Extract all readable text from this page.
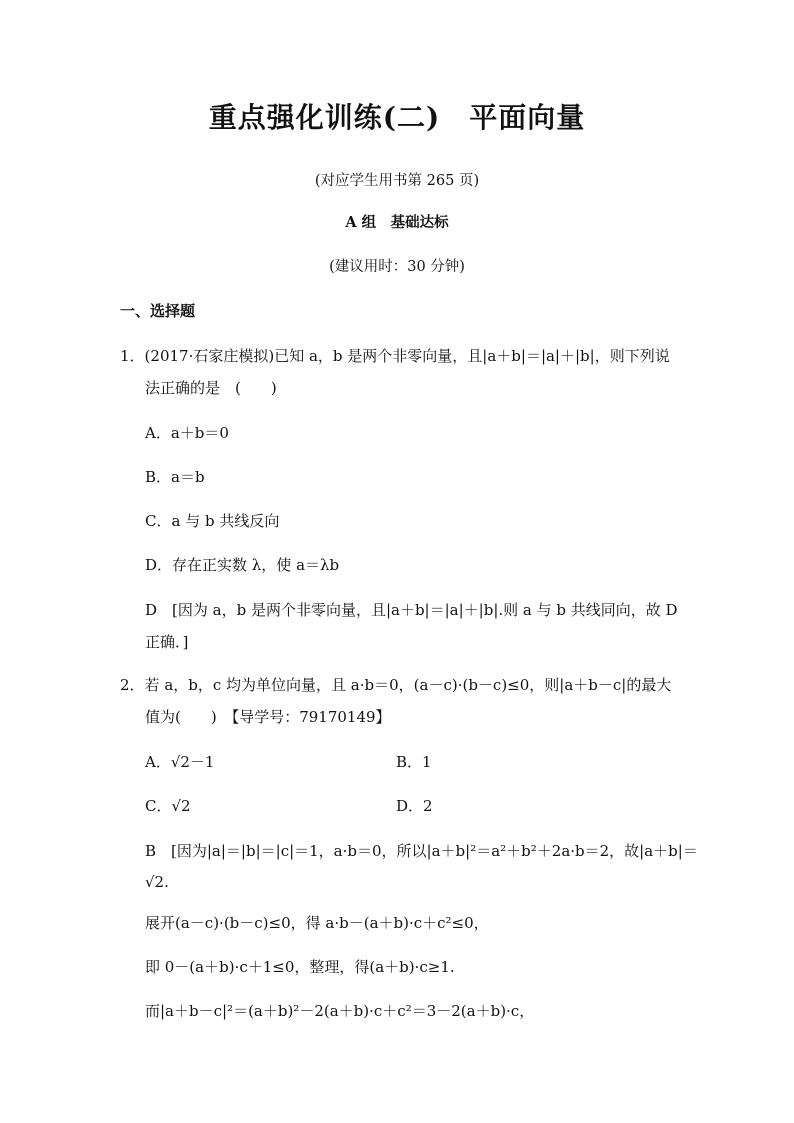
重点强化训练(二)　平面向量
(对应学生用书第 265 页)
A 组　基础达标
(建议用时：30 分钟)
一、选择题
1．(2017·石家庄模拟)已知 a，b 是两个非零向量，且|a＋b|＝|a|＋|b|，则下列说
法正确的是　(　　)
A．a＋b＝0
B．a＝b
C．a 与 b 共线反向
D．存在正实数 λ，使 a＝λb
D　[因为 a，b 是两个非零向量，且|a＋b|＝|a|＋|b|.则 a 与 b 共线同向，故 D
正确．]
2．若 a，b，c 均为单位向量，且 a·b＝0，(a－c)·(b－c)≤0，则|a＋b－c|的最大
值为(　　)　【导学号：79170149】
A．√2－1	B．1
C．√2	D．2
B　[因为|a|＝|b|＝|c|＝1，a·b＝0，所以|a＋b|²＝a²＋b²＋2a·b＝2，故|a＋b|＝
√2.
展开(a－c)·(b－c)≤0，得 a·b－(a＋b)·c＋c²≤0，
即 0－(a＋b)·c＋1≤0，整理，得(a＋b)·c≥1.
而|a＋b－c|²＝(a＋b)²－2(a＋b)·c＋c²＝3－2(a＋b)·c，
